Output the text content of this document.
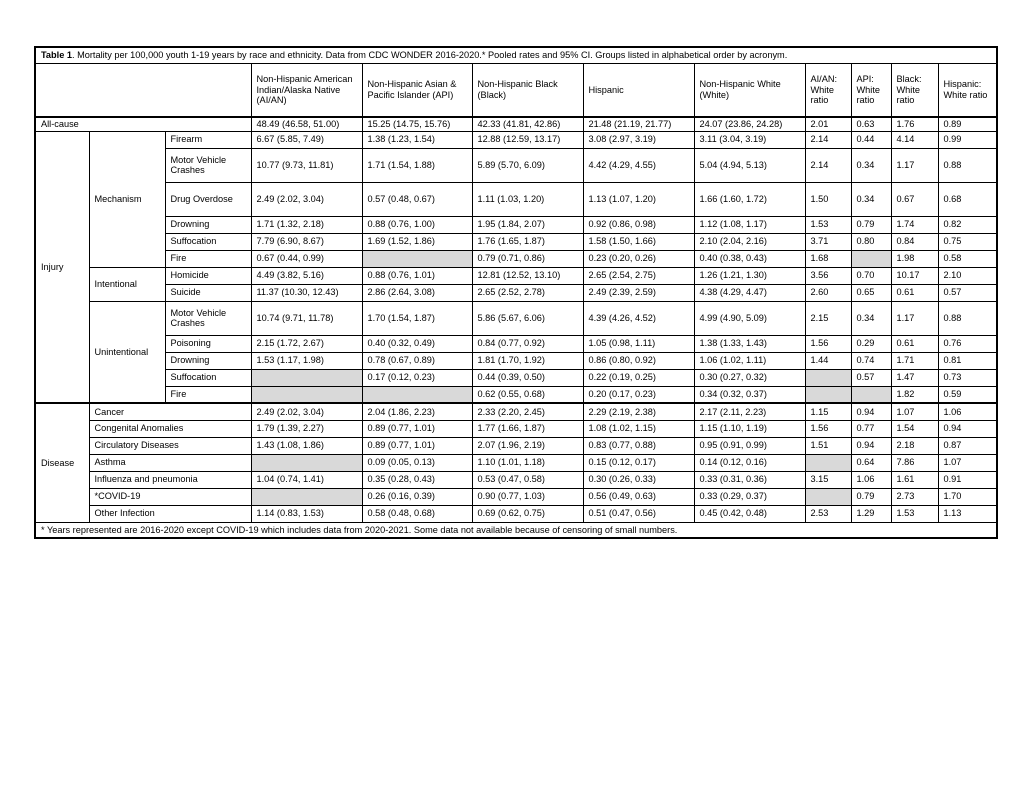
Table 1. Mortality per 100,000 youth 1-19 years by race and ethnicity. Data from CDC WONDER 2016-2020.* Pooled rates and 95% CI. Groups listed in alphabetical order by acronym.											
			Non-Hispanic American Indian/Alaska Native (AI/AN)	Non-Hispanic Asian & Pacific Islander (API)	Non-Hispanic Black (Black)	Hispanic	Non-Hispanic White (White)	AI/AN: White ratio	API: White ratio	Black: White ratio	Hispanic: White ratio
All-cause			48.49 (46.58, 51.00)	15.25 (14.75, 15.76)	42.33 (41.81, 42.86)	21.48 (21.19, 21.77)	24.07 (23.86, 24.28)	2.01	0.63	1.76	0.89
Injury	Mechanism	Firearm	6.67 (5.85, 7.49)	1.38 (1.23, 1.54)	12.88 (12.59, 13.17)	3.08 (2.97, 3.19)	3.11 (3.04, 3.19)	2.14	0.44	4.14	0.99
		Motor Vehicle Crashes	10.77 (9.73, 11.81)	1.71 (1.54, 1.88)	5.89 (5.70, 6.09)	4.42 (4.29, 4.55)	5.04 (4.94, 5.13)	2.14	0.34	1.17	0.88
		Drug Overdose	2.49 (2.02, 3.04)	0.57 (0.48, 0.67)	1.11 (1.03, 1.20)	1.13 (1.07, 1.20)	1.66 (1.60, 1.72)	1.50	0.34	0.67	0.68
		Drowning	1.71 (1.32, 2.18)	0.88 (0.76, 1.00)	1.95 (1.84, 2.07)	0.92 (0.86, 0.98)	1.12 (1.08, 1.17)	1.53	0.79	1.74	0.82
		Suffocation	7.79 (6.90, 8.67)	1.69 (1.52, 1.86)	1.76 (1.65, 1.87)	1.58 (1.50, 1.66)	2.10 (2.04, 2.16)	3.71	0.80	0.84	0.75
		Fire	0.67 (0.44, 0.99)		0.79 (0.71, 0.86)	0.23 (0.20, 0.26)	0.40 (0.38, 0.43)	1.68		1.98	0.58
	Intentional	Homicide	4.49 (3.82, 5.16)	0.88 (0.76, 1.01)	12.81 (12.52, 13.10)	2.65 (2.54, 2.75)	1.26 (1.21, 1.30)	3.56	0.70	10.17	2.10
		Suicide	11.37 (10.30, 12.43)	2.86 (2.64, 3.08)	2.65 (2.52, 2.78)	2.49 (2.39, 2.59)	4.38 (4.29, 4.47)	2.60	0.65	0.61	0.57
	Unintentional	Motor Vehicle Crashes	10.74 (9.71, 11.78)	1.70 (1.54, 1.87)	5.86 (5.67, 6.06)	4.39 (4.26, 4.52)	4.99 (4.90, 5.09)	2.15	0.34	1.17	0.88
		Poisoning	2.15 (1.72, 2.67)	0.40 (0.32, 0.49)	0.84 (0.77, 0.92)	1.05 (0.98, 1.11)	1.38 (1.33, 1.43)	1.56	0.29	0.61	0.76
		Drowning	1.53 (1.17, 1.98)	0.78 (0.67, 0.89)	1.81 (1.70, 1.92)	0.86 (0.80, 0.92)	1.06 (1.02, 1.11)	1.44	0.74	1.71	0.81
		Suffocation		0.17 (0.12, 0.23)	0.44 (0.39, 0.50)	0.22 (0.19, 0.25)	0.30 (0.27, 0.32)		0.57	1.47	0.73
		Fire			0.62 (0.55, 0.68)	0.20 (0.17, 0.23)	0.34 (0.32, 0.37)			1.82	0.59
Disease	Cancer		2.49 (2.02, 3.04)	2.04 (1.86, 2.23)	2.33 (2.20, 2.45)	2.29 (2.19, 2.38)	2.17 (2.11, 2.23)	1.15	0.94	1.07	1.06
	Congenital Anomalies		1.79 (1.39, 2.27)	0.89 (0.77, 1.01)	1.77 (1.66, 1.87)	1.08 (1.02, 1.15)	1.15 (1.10, 1.19)	1.56	0.77	1.54	0.94
	Circulatory Diseases		1.43 (1.08, 1.86)	0.89 (0.77, 1.01)	2.07 (1.96, 2.19)	0.83 (0.77, 0.88)	0.95 (0.91, 0.99)	1.51	0.94	2.18	0.87
	Asthma			0.09 (0.05, 0.13)	1.10 (1.01, 1.18)	0.15 (0.12, 0.17)	0.14 (0.12, 0.16)		0.64	7.86	1.07
	Influenza and pneumonia		1.04 (0.74, 1.41)	0.35 (0.28, 0.43)	0.53 (0.47, 0.58)	0.30 (0.26, 0.33)	0.33 (0.31, 0.36)	3.15	1.06	1.61	0.91
	*COVID-19			0.26 (0.16, 0.39)	0.90 (0.77, 1.03)	0.56 (0.49, 0.63)	0.33 (0.29, 0.37)		0.79	2.73	1.70
	Other Infection		1.14 (0.83, 1.53)	0.58 (0.48, 0.68)	0.69 (0.62, 0.75)	0.51 (0.47, 0.56)	0.45 (0.42, 0.48)	2.53	1.29	1.53	1.13
* Years represented are 2016-2020 except COVID-19 which includes data from 2020-2021. Some data not available because of censoring of small numbers.											
